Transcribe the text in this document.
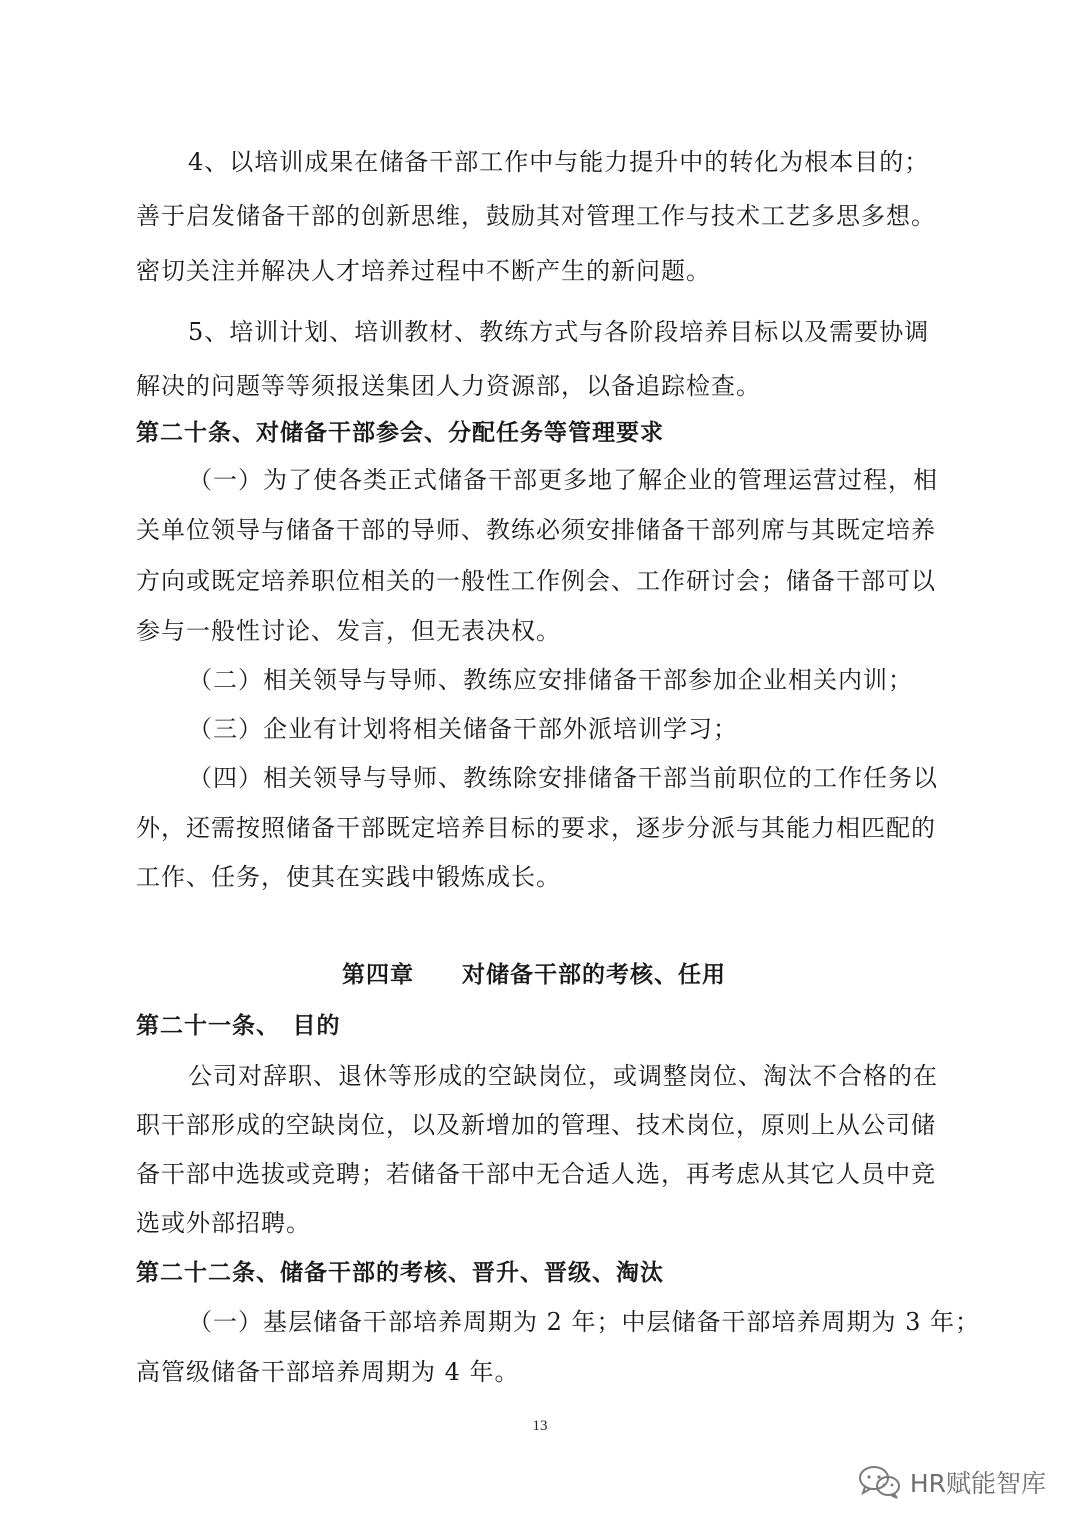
4、以培训成果在储备干部工作中与能力提升中的转化为根本目的；
善于启发储备干部的创新思维，鼓励其对管理工作与技术工艺多思多想。
密切关注并解决人才培养过程中不断产生的新问题。
5、培训计划、培训教材、教练方式与各阶段培养目标以及需要协调
解决的问题等等须报送集团人力资源部，以备追踪检查。
第二十条、对储备干部参会、分配任务等管理要求
（一）为了使各类正式储备干部更多地了解企业的管理运营过程，相
关单位领导与储备干部的导师、教练必须安排储备干部列席与其既定培养
方向或既定培养职位相关的一般性工作例会、工作研讨会；储备干部可以
参与一般性讨论、发言，但无表决权。
（二）相关领导与导师、教练应安排储备干部参加企业相关内训；
（三）企业有计划将相关储备干部外派培训学习；
（四）相关领导与导师、教练除安排储备干部当前职位的工作任务以
外，还需按照储备干部既定培养目标的要求，逐步分派与其能力相匹配的
工作、任务，使其在实践中锻炼成长。
第四章　　对储备干部的考核、任用
第二十一条、　目的
公司对辞职、退休等形成的空缺岗位，或调整岗位、淘汰不合格的在
职干部形成的空缺岗位，以及新增加的管理、技术岗位，原则上从公司储
备干部中选拔或竞聘；若储备干部中无合适人选，再考虑从其它人员中竞
选或外部招聘。
第二十二条、储备干部的考核、晋升、晋级、淘汰
（一）基层储备干部培养周期为 2 年；中层储备干部培养周期为 3 年；
高管级储备干部培养周期为 4 年。
13
HR赋能智库
